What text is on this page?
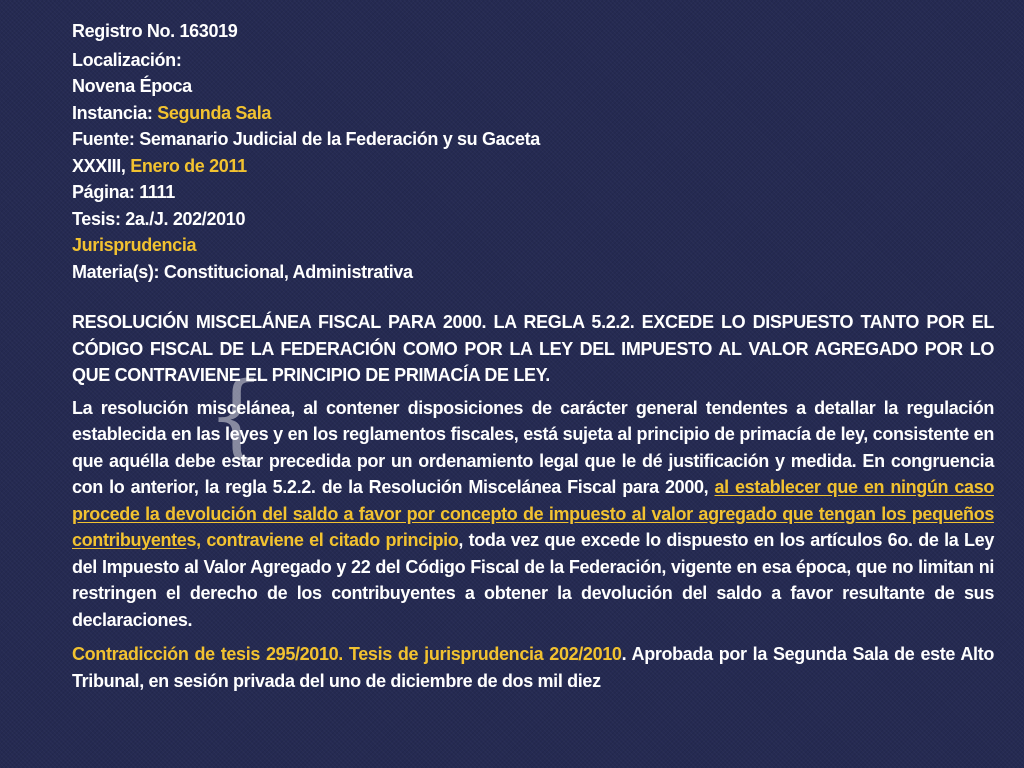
Registro No. 163019
Localización:
Novena Época
Instancia: Segunda Sala
Fuente: Semanario Judicial de la Federación y su Gaceta
XXXIII, Enero de 2011
Página: 1111
Tesis: 2a./J. 202/2010
Jurisprudencia
Materia(s): Constitucional, Administrativa

RESOLUCIÓN MISCELÁNEA FISCAL PARA 2000. LA REGLA 5.2.2. EXCEDE LO DISPUESTO TANTO POR EL CÓDIGO FISCAL DE LA FEDERACIÓN COMO POR LA LEY DEL IMPUESTO AL VALOR AGREGADO POR LO QUE CONTRAVIENE EL PRINCIPIO DE PRIMACÍA DE LEY.

La resolución miscelánea, al contener disposiciones de carácter general tendentes a detallar la regulación establecida en las leyes y en los reglamentos fiscales, está sujeta al principio de primacía de ley, consistente en que aquélla debe estar precedida por un ordenamiento legal que le dé justificación y medida. En congruencia con lo anterior, la regla 5.2.2. de la Resolución Miscelánea Fiscal para 2000, al establecer que en ningún caso procede la devolución del saldo a favor por concepto de impuesto al valor agregado que tengan los pequeños contribuyentes, contraviene el citado principio, toda vez que excede lo dispuesto en los artículos 6o. de la Ley del Impuesto al Valor Agregado y 22 del Código Fiscal de la Federación, vigente en esa época, que no limitan ni restringen el derecho de los contribuyentes a obtener la devolución del saldo a favor resultante de sus declaraciones.

Contradicción de tesis 295/2010. Tesis de jurisprudencia 202/2010. Aprobada por la Segunda Sala de este Alto Tribunal, en sesión privada del uno de diciembre de dos mil diez

{
